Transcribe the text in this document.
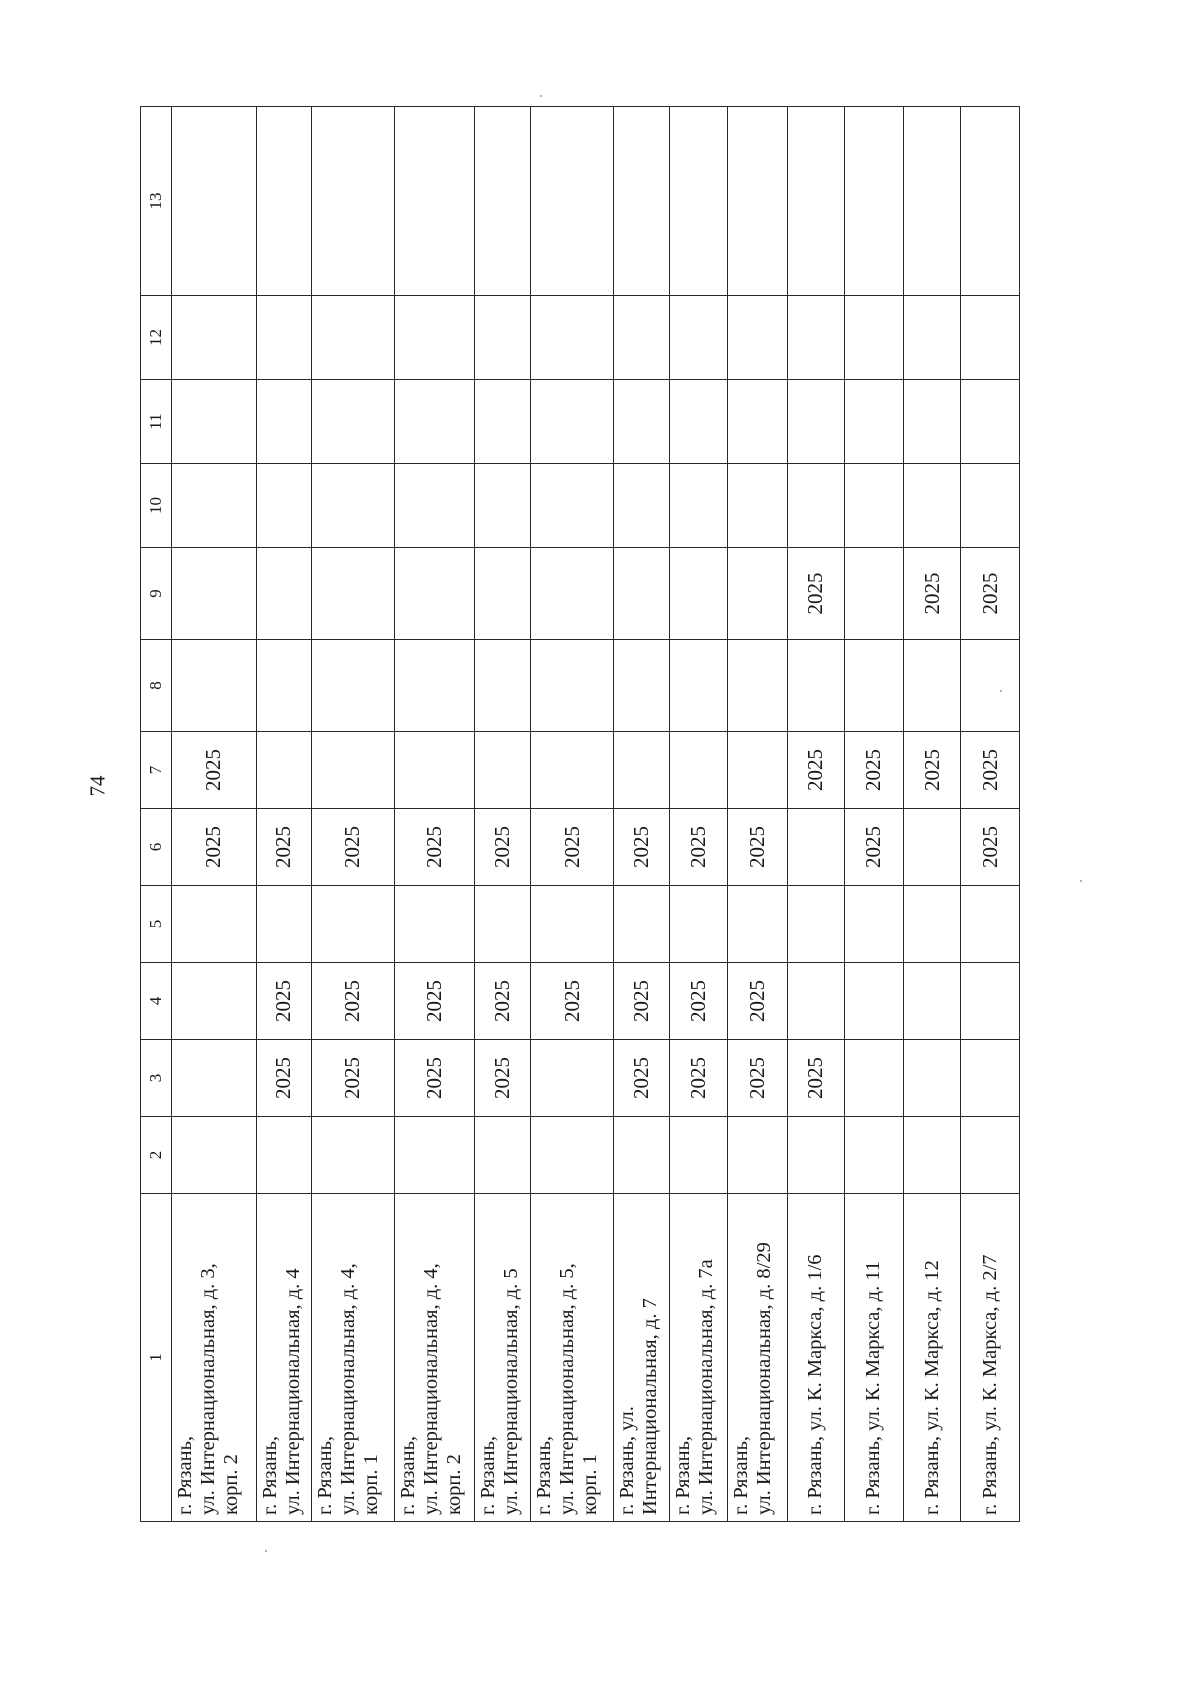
74
1	2	3	4	5	6	7	8	9	10	11	12	13

г. Рязань, ул. Интернациональная, д. 3, корп. 2					2025	2025						

г. Рязань, ул. Интернациональная, д. 4		2025	2025		2025							

г. Рязань, ул. Интернациональная, д. 4, корп. 1		2025	2025		2025							

г. Рязань, ул. Интернациональная, д. 4, корп. 2		2025	2025		2025							

г. Рязань, ул. Интернациональная, д. 5		2025	2025		2025							

г. Рязань, ул. Интернациональная, д. 5, корп. 1			2025		2025							

г. Рязань, ул. Интернациональная, д. 7		2025	2025		2025							

г. Рязань, ул. Интернациональная, д. 7а		2025	2025		2025							

г. Рязань, ул. Интернациональная, д. 8/29		2025	2025		2025							

г. Рязань, ул. К. Маркса, д. 1/6		2025				2025		2025				

г. Рязань, ул. К. Маркса, д. 11					2025	2025						

г. Рязань, ул. К. Маркса, д. 12						2025		2025				

г. Рязань, ул. К. Маркса, д. 2/7					2025	2025		2025				
